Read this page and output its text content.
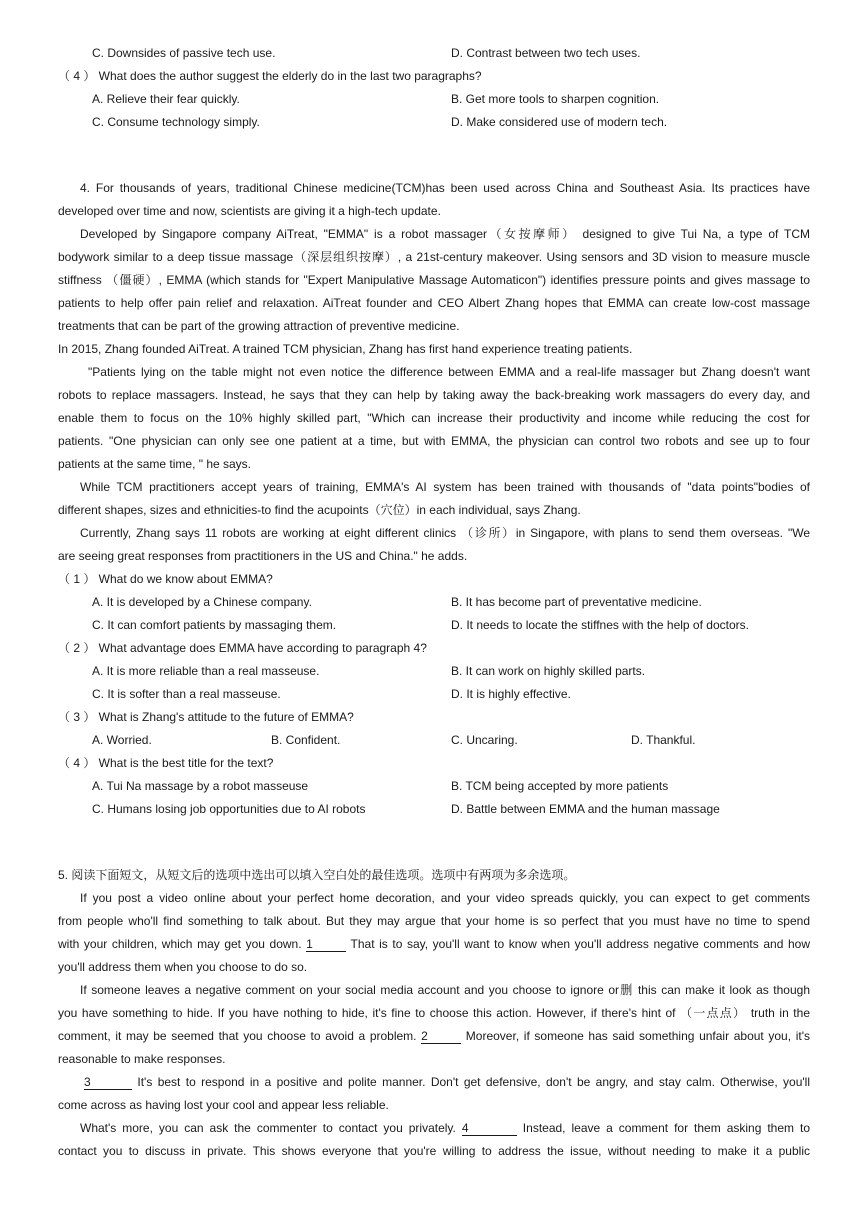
C. Downsides of passive tech use.	D. Contrast between two tech uses.
（ 4 ） What does the author suggest the elderly do in the last two paragraphs?
A. Relieve their fear quickly.	B. Get more tools to sharpen cognition.
C. Consume technology simply.	D. Make considered use of modern tech.
4. For thousands of years, traditional Chinese medicine(TCM)has been used across China and Southeast Asia. Its practices have
developed over time and now, scientists are giving it a high-tech update.
Developed by Singapore company AiTreat, "EMMA" is a robot massager（女按摩师） designed to give Tui Na, a type of TCM
bodywork similar to a deep tissue massage（深层组织按摩）, a 21st-century makeover. Using sensors and 3D vision to measure muscle
stiffness （僵硬）, EMMA (which stands for "Expert Manipulative Massage Automaticon") identifies pressure points and gives massage to
patients to help offer pain relief and relaxation. AiTreat founder and CEO Albert Zhang hopes that EMMA can create low-cost massage
treatments that can be part of the growing attraction of preventive medicine.
In 2015, Zhang founded AiTreat. A trained TCM physician, Zhang has first hand experience treating patients.
"Patients lying on the table might not even notice the difference between EMMA and a real-life massager but Zhang doesn't want
robots to replace massagers. Instead, he says that they can help by taking away the back-breaking work massagers do every day, and
enable them to focus on the 10% highly skilled part, "Which can increase their productivity and income while reducing the cost for
patients. "One physician can only see one patient at a time, but with EMMA, the physician can control two robots and see up to four
patients at the same time, " he says.
While TCM practitioners accept years of training, EMMA's AI system has been trained with thousands of "data points"bodies of
different shapes, sizes and ethnicities-to find the acupoints（穴位）in each individual, says Zhang.
Currently, Zhang says 11 robots are working at eight different clinics （诊所）in Singapore, with plans to send them overseas. "We
are seeing great responses from practitioners in the US and China." he adds.
（ 1 ） What do we know about EMMA?
A. It is developed by a Chinese company.	B. It has become part of preventative medicine.
C. It can comfort patients by massaging them.	D. It needs to locate the stiffnes with the help of doctors.
（ 2 ） What advantage does EMMA have according to paragraph 4?
A. It is more reliable than a real masseuse.	B. It can work on highly skilled parts.
C. It is softer than a real masseuse.	D. It is highly effective.
（ 3 ） What is Zhang's attitude to the future of EMMA?
A. Worried.	B. Confident.	C. Uncaring.	D. Thankful.
（ 4 ） What is the best title for the text?
A. Tui Na massage by a robot masseuse	B. TCM being accepted by more patients
C. Humans losing job opportunities due to AI robots	D. Battle between EMMA and the human massage
5. 阅读下面短文，从短文后的选项中选出可以填入空白处的最佳选项。选项中有两项为多余选项。
If you post a video online about your perfect home decoration, and your video spreads quickly, you can expect to get comments
from people who'll find something to talk about. But they may argue that your home is so perfect that you must have no time to spend
with your children, which may get you down. 1	That is to say, you'll want to know when you'll address negative comments and how
you'll address them when you choose to do so.
If someone leaves a negative comment on your social media account and you choose to ignore or删 this can make it look as though
you have something to hide. If you have nothing to hide, it's fine to choose this action. However, if there's hint of （一点点） truth in the
comment, it may be seemed that you choose to avoid a problem. 2	Moreover, if someone has said something unfair about you, it's
reasonable to make responses.
3	It's best to respond in a positive and polite manner. Don't get defensive, don't be angry, and stay calm. Otherwise, you'll
come across as having lost your cool and appear less reliable.
What's more, you can ask the commenter to contact you privately. 4	Instead, leave a comment for them asking them to
contact you to discuss in private. This shows everyone that you're willing to address the issue, without needing to make it a public
